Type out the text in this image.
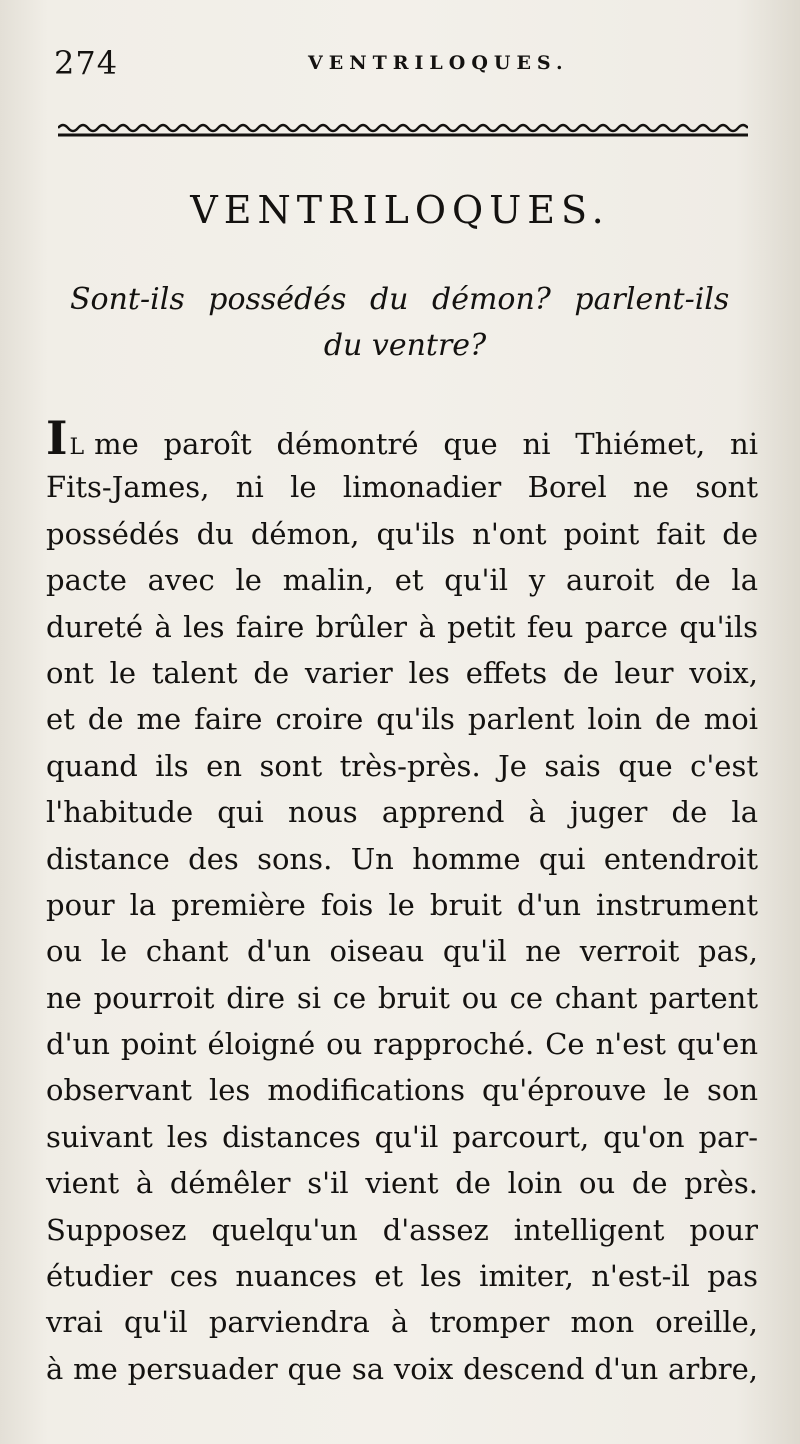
274	VENTRILOQUES.
VENTRILOQUES.
Sont-ils possédés du démon? parlent-ils
du ventre?
IL me paroît démontré que ni Thiémet, ni
Fits-James, ni le limonadier Borel ne sont
possédés du démon, qu'ils n'ont point fait de
pacte avec le malin, et qu'il y auroit de la
dureté à les faire brûler à petit feu parce qu'ils
ont le talent de varier les effets de leur voix,
et de me faire croire qu'ils parlent loin de moi
quand ils en sont très-près. Je sais que c'est
l'habitude qui nous apprend à juger de la
distance des sons. Un homme qui entendroit
pour la première fois le bruit d'un instrument
ou le chant d'un oiseau qu'il ne verroit pas,
ne pourroit dire si ce bruit ou ce chant partent
d'un point éloigné ou rapproché. Ce n'est qu'en
observant les modifications qu'éprouve le son
suivant les distances qu'il parcourt, qu'on par-
vient à démêler s'il vient de loin ou de près.
Supposez quelqu'un d'assez intelligent pour
étudier ces nuances et les imiter, n'est-il pas
vrai qu'il parviendra à tromper mon oreille,
à me persuader que sa voix descend d'un arbre,
